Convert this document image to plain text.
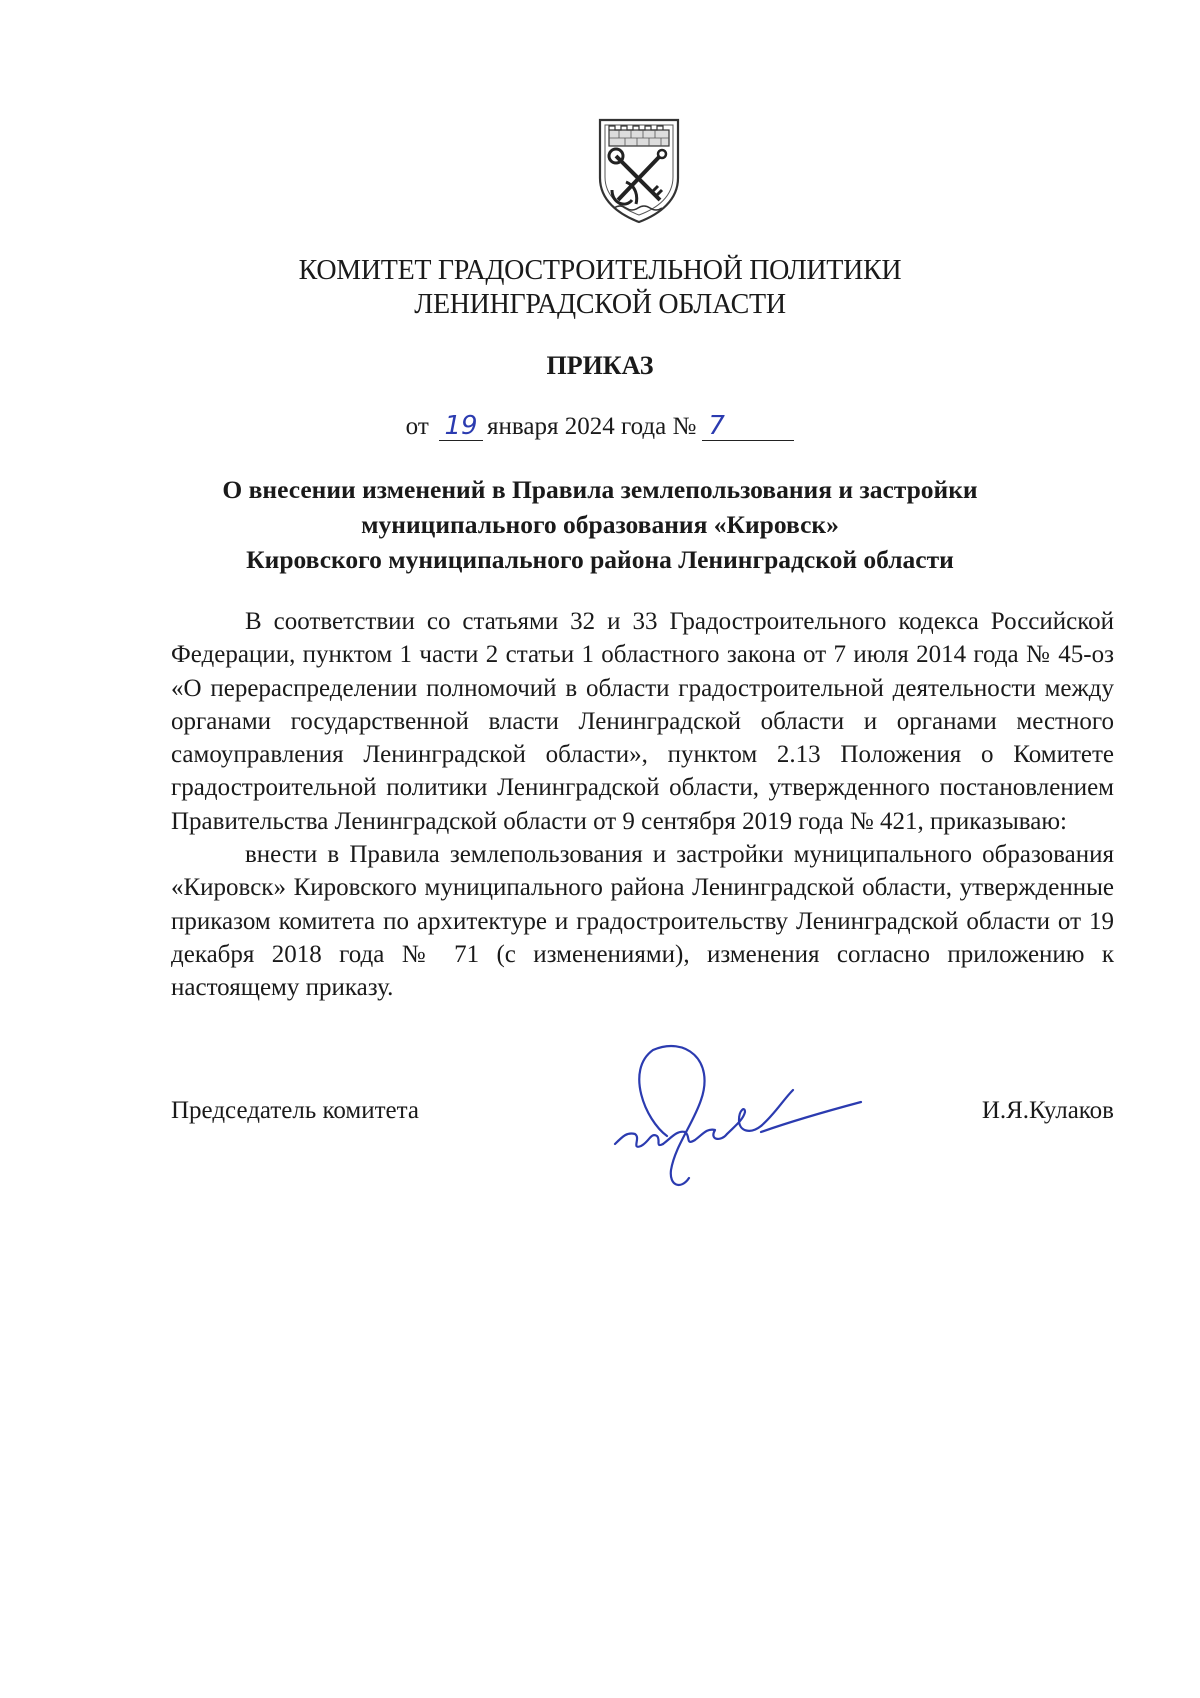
КОМИТЕТ ГРАДОСТРОИТЕЛЬНОЙ ПОЛИТИКИ
ЛЕНИНГРАДСКОЙ ОБЛАСТИ
ПРИКАЗ
от 19 января 2024 года № 7
О внесении изменений в Правила землепользования и застройки
муниципального образования «Кировск»
Кировского муниципального района Ленинградской области

В соответствии со статьями 32 и 33 Градостроительного кодекса Российской Федерации, пунктом 1 части 2 статьи 1 областного закона от 7 июля 2014 года № 45-оз «О перераспределении полномочий в области градостроительной деятельности между органами государственной власти Ленинградской области и органами местного самоуправления Ленинградской области», пунктом 2.13 Положения о Комитете градостроительной политики Ленинградской области, утвержденного постановлением Правительства Ленинградской области от 9 сентября 2019 года № 421, приказываю:

внести в Правила землепользования и застройки муниципального образования «Кировск» Кировского муниципального района Ленинградской области, утвержденные приказом комитета по архитектуре и градостроительству Ленинградской области от 19 декабря 2018 года № 71 (с изменениями), изменения согласно приложению к настоящему приказу.

Председатель комитета	И.Я.Кулаков
